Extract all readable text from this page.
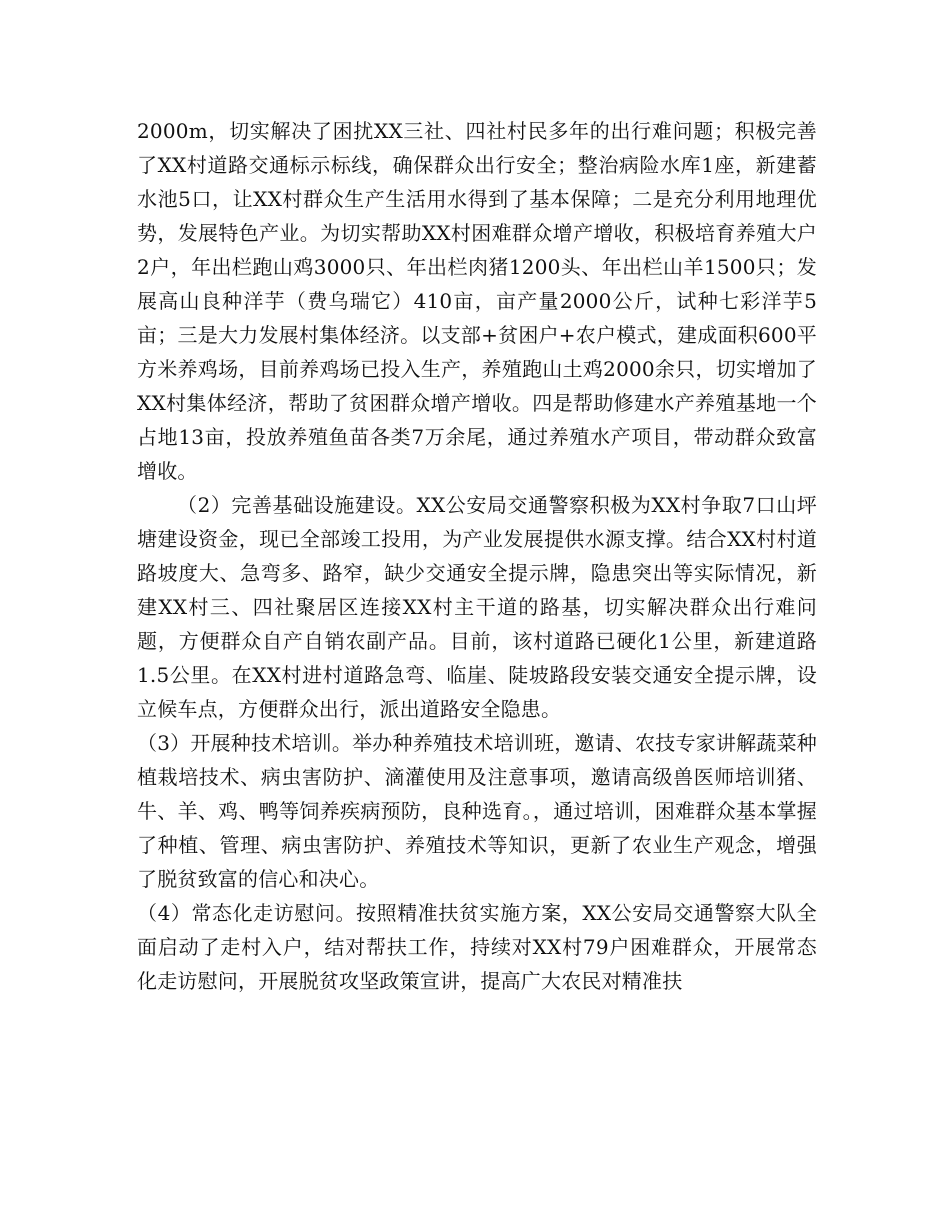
2000m，切实解决了困扰XX三社、四社村民多年的出行难问题；积极完善了XX村道路交通标示标线，确保群众出行安全；整治病险水库1座，新建蓄水池5口，让XX村群众生产生活用水得到了基本保障；二是充分利用地理优势，发展特色产业。为切实帮助XX村困难群众增产增收，积极培育养殖大户2户，年出栏跑山鸡3000只、年出栏肉猪1200头、年出栏山羊1500只；发展高山良种洋芋（费乌瑞它）410亩，亩产量2000公斤，试种七彩洋芋5亩；三是大力发展村集体经济。以支部+贫困户+农户模式，建成面积600平方米养鸡场，目前养鸡场已投入生产，养殖跑山土鸡2000余只，切实增加了XX村集体经济，帮助了贫困群众增产增收。四是帮助修建水产养殖基地一个占地13亩，投放养殖鱼苗各类7万余尾，通过养殖水产项目，带动群众致富增收。

（2）完善基础设施建设。XX公安局交通警察积极为XX村争取7口山坪塘建设资金，现已全部竣工投用，为产业发展提供水源支撑。结合XX村村道路坡度大、急弯多、路窄，缺少交通安全提示牌，隐患突出等实际情况，新建XX村三、四社聚居区连接XX村主干道的路基，切实解决群众出行难问题，方便群众自产自销农副产品。目前，该村道路已硬化1公里，新建道路1.5公里。在XX村进村道路急弯、临崖、陡坡路段安装交通安全提示牌，设立候车点，方便群众出行，派出道路安全隐患。

（3）开展种技术培训。举办种养殖技术培训班，邀请、农技专家讲解蔬菜种植栽培技术、病虫害防护、滴灌使用及注意事项，邀请高级兽医师培训猪、牛、羊、鸡、鸭等饲养疾病预防，良种选育。，通过培训，困难群众基本掌握了种植、管理、病虫害防护、养殖技术等知识，更新了农业生产观念，增强了脱贫致富的信心和决心。

（4）常态化走访慰问。按照精准扶贫实施方案，XX公安局交通警察大队全面启动了走村入户，结对帮扶工作，持续对XX村79户困难群众，开展常态化走访慰问，开展脱贫攻坚政策宣讲，提高广大农民对精准扶
